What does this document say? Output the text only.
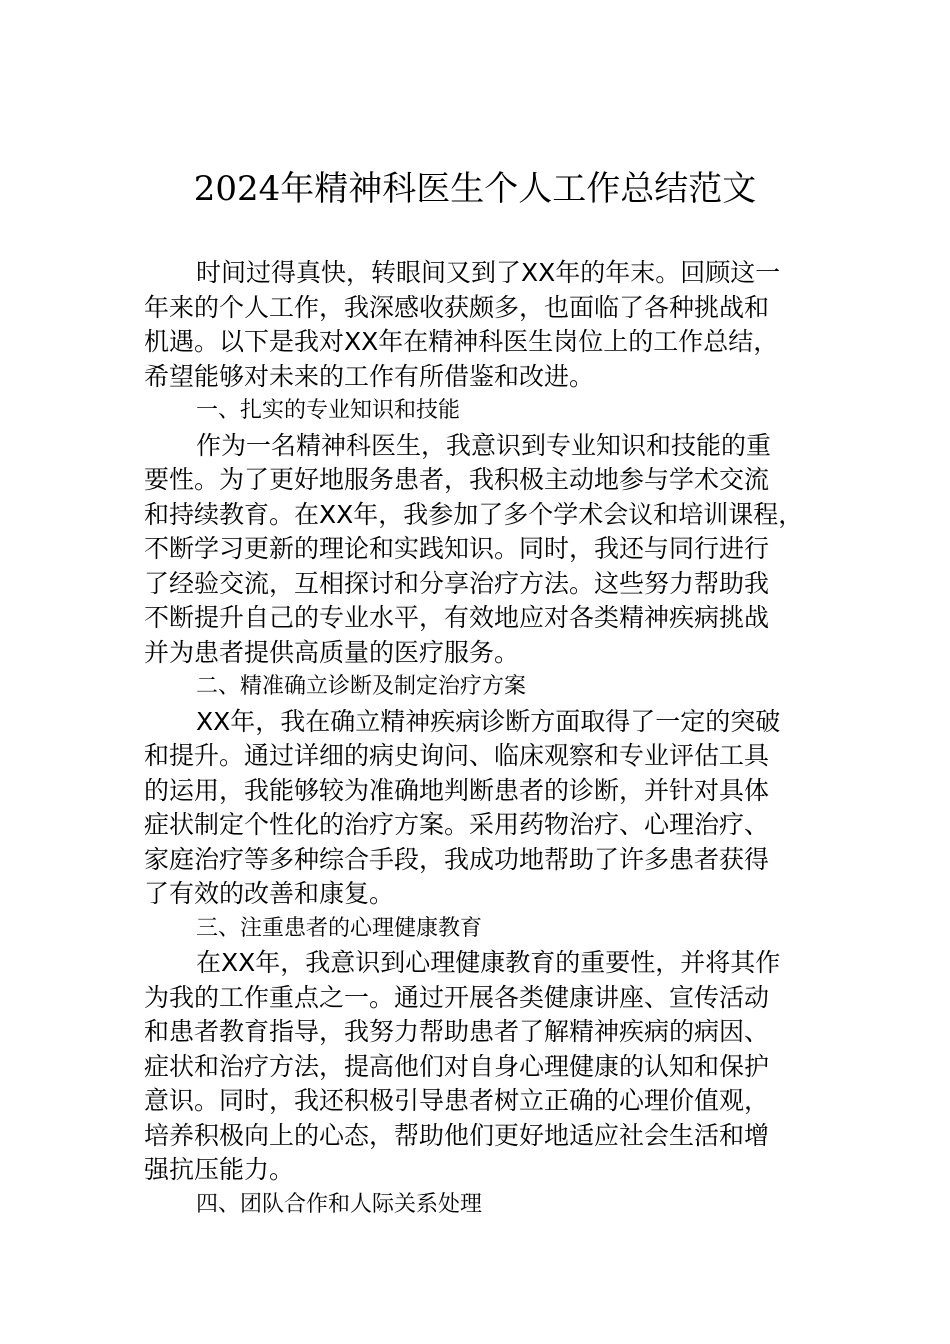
2024年精神科医生个人工作总结范文
时间过得真快，转眼间又到了XX年的年末。回顾这一
年来的个人工作，我深感收获颇多，也面临了各种挑战和
机遇。以下是我对XX年在精神科医生岗位上的工作总结，
希望能够对未来的工作有所借鉴和改进。
一、扎实的专业知识和技能
作为一名精神科医生，我意识到专业知识和技能的重
要性。为了更好地服务患者，我积极主动地参与学术交流
和持续教育。在XX年，我参加了多个学术会议和培训课程，
不断学习更新的理论和实践知识。同时，我还与同行进行
了经验交流，互相探讨和分享治疗方法。这些努力帮助我
不断提升自己的专业水平，有效地应对各类精神疾病挑战
并为患者提供高质量的医疗服务。
二、精准确立诊断及制定治疗方案
XX年，我在确立精神疾病诊断方面取得了一定的突破
和提升。通过详细的病史询问、临床观察和专业评估工具
的运用，我能够较为准确地判断患者的诊断，并针对具体
症状制定个性化的治疗方案。采用药物治疗、心理治疗、
家庭治疗等多种综合手段，我成功地帮助了许多患者获得
了有效的改善和康复。
三、注重患者的心理健康教育
在XX年，我意识到心理健康教育的重要性，并将其作
为我的工作重点之一。通过开展各类健康讲座、宣传活动
和患者教育指导，我努力帮助患者了解精神疾病的病因、
症状和治疗方法，提高他们对自身心理健康的认知和保护
意识。同时，我还积极引导患者树立正确的心理价值观，
培养积极向上的心态，帮助他们更好地适应社会生活和增
强抗压能力。
四、团队合作和人际关系处理
